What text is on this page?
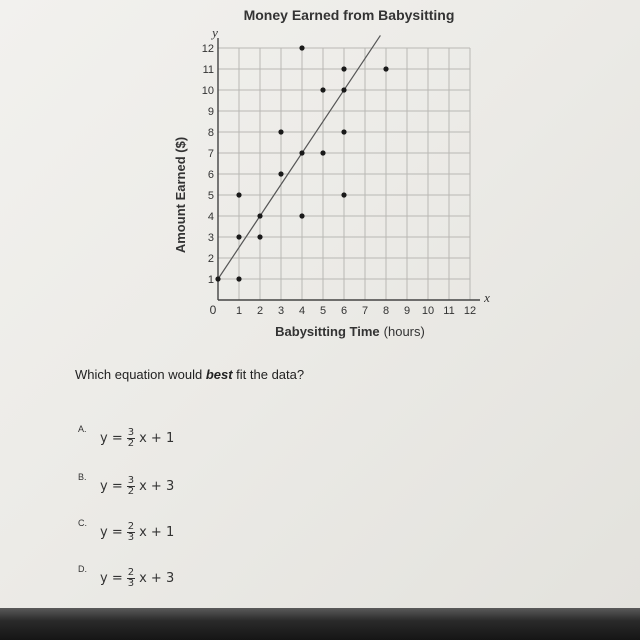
Money Earned from Babysitting
y
x
0
Amount Earned ($)
Babysitting Time (hours)
1 2 3 4 5 6 7 8 9 10 11 12
1
2
3
4
5
6
7
8
9
10
11
12
Which equation would best fit the data?
A.
$y = \frac{3}{2}$ x + 1
B.
$y = \frac{3}{2}$ x + 3
C.
$y = \frac{2}{3}$ x + 1
D.
$y = \frac{2}{3}$ x + 3
